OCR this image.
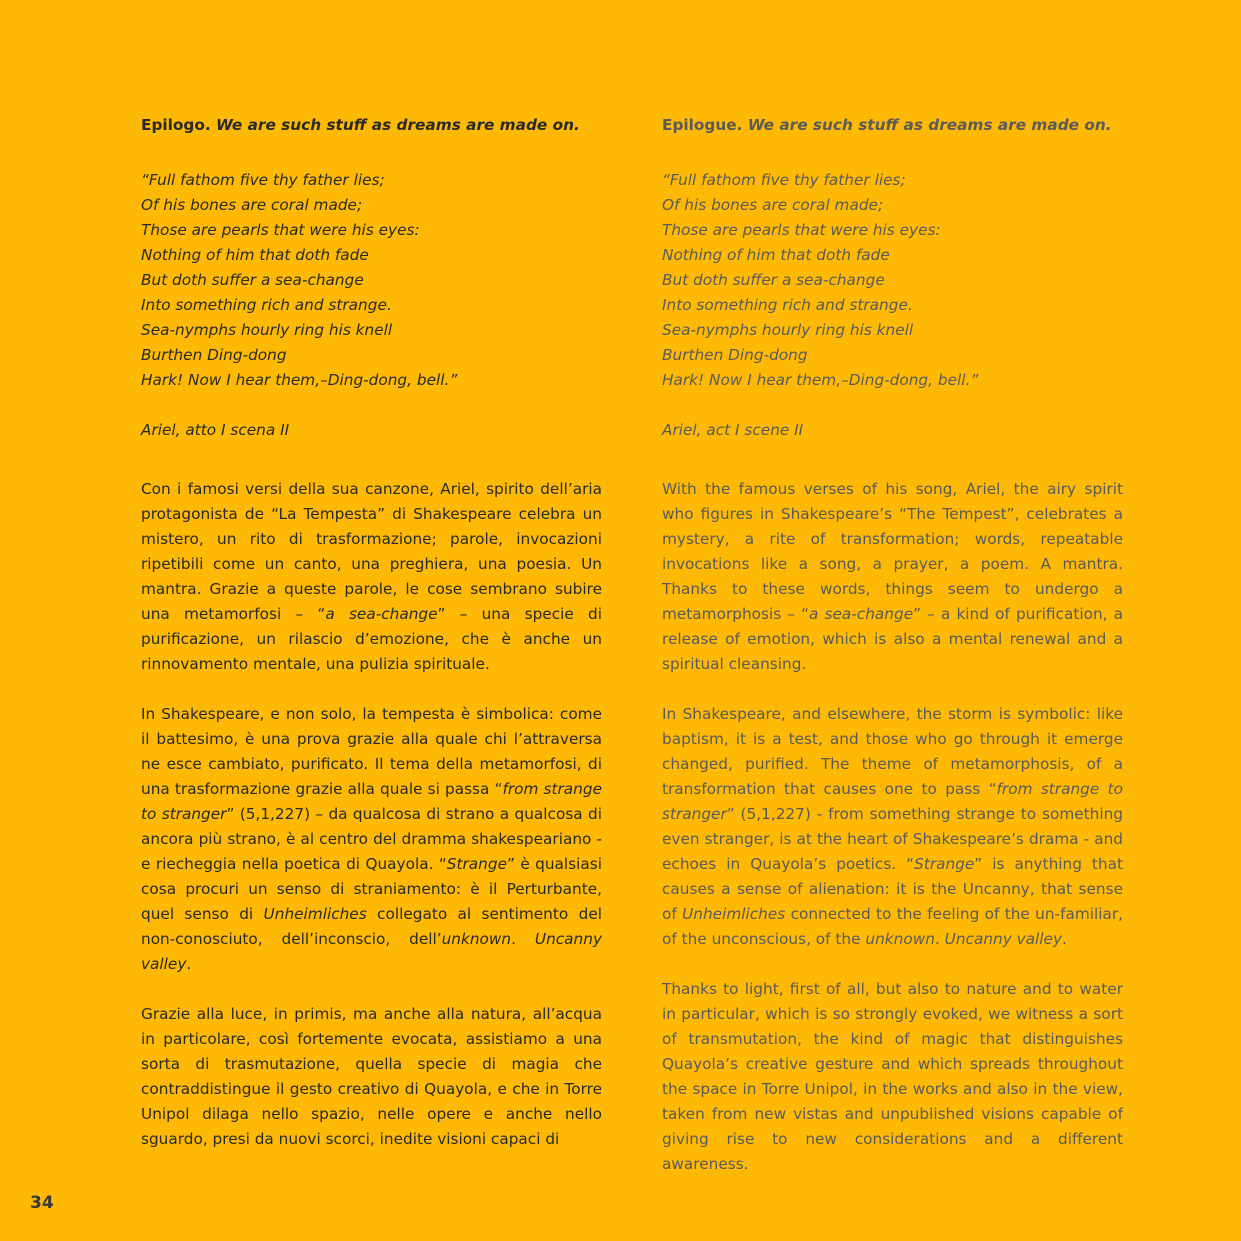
Epilogo. We are such stuff as dreams are made on.

“Full fathom five thy father lies;
Of his bones are coral made;
Those are pearls that were his eyes:
Nothing of him that doth fade
But doth suffer a sea-change
Into something rich and strange.
Sea-nymphs hourly ring his knell
Burthen Ding-dong
Hark! Now I hear them,–Ding-dong, bell.”

Ariel, atto I scena II

Con i famosi versi della sua canzone, Ariel, spirito dell’aria protagonista de “La Tempesta” di Shakespeare celebra un mistero, un rito di trasformazione; parole, invocazioni ripetibili come un canto, una preghiera, una poesia. Un mantra. Grazie a queste parole, le cose sembrano subire una metamorfosi – “a sea-change” – una specie di purificazione, un rilascio d’emozione, che è anche un rinnovamento mentale, una pulizia spirituale.

In Shakespeare, e non solo, la tempesta è simbolica: come il battesimo, è una prova grazie alla quale chi l’attraversa ne esce cambiato, purificato. Il tema della metamorfosi, di una trasformazione grazie alla quale si passa “from strange to stranger” (5,1,227) – da qualcosa di strano a qualcosa di ancora più strano, è al centro del dramma shakespeariano - e riecheggia nella poetica di Quayola. “Strange” è qualsiasi cosa procuri un senso di straniamento: è il Perturbante, quel senso di Unheimliches collegato al sentimento del non-conosciuto, dell’inconscio, dell’unknown. Uncanny valley.

Grazie alla luce, in primis, ma anche alla natura, all’acqua in particolare, così fortemente evocata, assistiamo a una sorta di trasmutazione, quella specie di magia che contraddistingue il gesto creativo di Quayola, e che in Torre Unipol dilaga nello spazio, nelle opere e anche nello sguardo, presi da nuovi scorci, inedite visioni capaci di

Epilogue. We are such stuff as dreams are made on.

“Full fathom five thy father lies;
Of his bones are coral made;
Those are pearls that were his eyes:
Nothing of him that doth fade
But doth suffer a sea-change
Into something rich and strange.
Sea-nymphs hourly ring his knell
Burthen Ding-dong
Hark! Now I hear them,–Ding-dong, bell.”

Ariel, act I scene II

With the famous verses of his song, Ariel, the airy spirit who figures in Shakespeare’s “The Tempest”, celebrates a mystery, a rite of transformation; words, repeatable invocations like a song, a prayer, a poem. A mantra. Thanks to these words, things seem to undergo a metamorphosis – “a sea-change” – a kind of purification, a release of emotion, which is also a mental renewal and a spiritual cleansing.

In Shakespeare, and elsewhere, the storm is symbolic: like baptism, it is a test, and those who go through it emerge changed, purified. The theme of metamorphosis, of a transformation that causes one to pass “from strange to stranger” (5,1,227) - from something strange to something even stranger, is at the heart of Shakespeare’s drama - and echoes in Quayola’s poetics. “Strange” is anything that causes a sense of alienation: it is the Uncanny, that sense of Unheimliches connected to the feeling of the un-familiar, of the unconscious, of the unknown. Uncanny valley.

Thanks to light, first of all, but also to nature and to water in particular, which is so strongly evoked, we witness a sort of transmutation, the kind of magic that distinguishes Quayola’s creative gesture and which spreads throughout the space in Torre Unipol, in the works and also in the view, taken from new vistas and unpublished visions capable of giving rise to new considerations and a different awareness.

34
